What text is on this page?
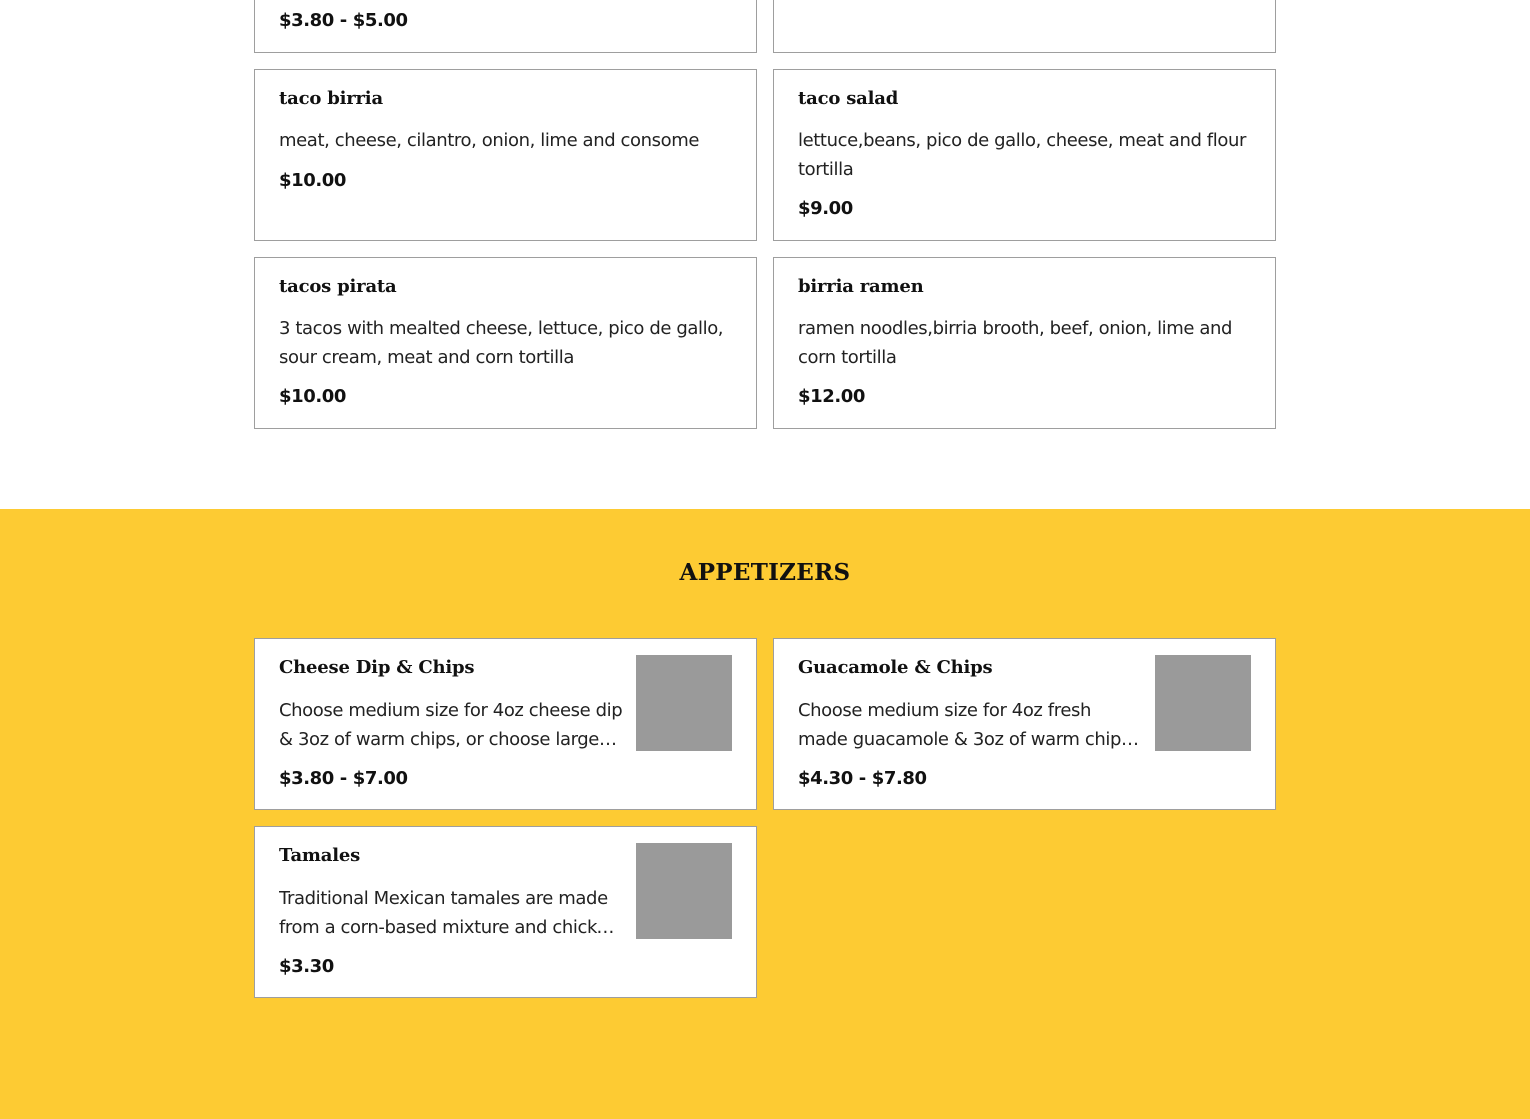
$3.80 - $5.00
taco birria
meat, cheese, cilantro, onion, lime and consome
$10.00
taco salad
lettuce,beans, pico de gallo, cheese, meat and flour tortilla
$9.00
tacos pirata
3 tacos with mealted cheese, lettuce, pico de gallo, sour cream, meat and corn tortilla
$10.00
birria ramen
ramen noodles,birria brooth, beef, onion, lime and corn tortilla
$12.00
APPETIZERS
Cheese Dip & Chips
Choose medium size for 4oz cheese dip & 3oz of warm chips, or choose large
$3.80 - $7.00
Guacamole & Chips
Choose medium size for 4oz fresh made guacamole & 3oz of warm chips,
$4.30 - $7.80
Tamales
Traditional Mexican tamales are made from a corn-based mixture and chicken
$3.30
